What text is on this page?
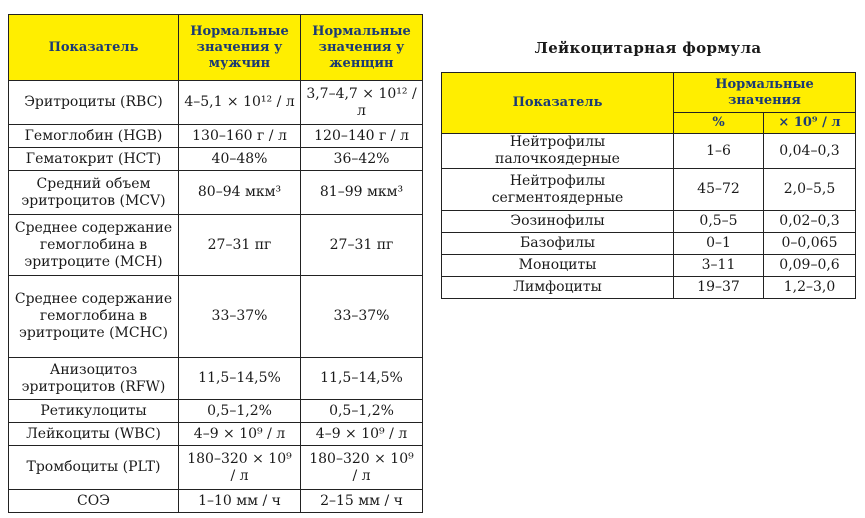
Показатель	Нормальные значения у мужчин	Нормальные значения у женщин
Эритроциты (RBC)	4–5,1 × 10¹² / л	3,7–4,7 × 10¹² / л
Гемоглобин (HGB)	130–160 г / л	120–140 г / л
Гематокрит (HCT)	40–48%	36–42%
Средний объем эритроцитов (MCV)	80–94 мкм³	81–99 мкм³
Среднее содержание гемоглобина в эритроците (MCH)	27–31 пг	27–31 пг
Среднее содержание гемоглобина в эритроците (MCHC)	33–37%	33–37%
Анизоцитоз эритроцитов (RFW)	11,5–14,5%	11,5–14,5%
Ретикулоциты	0,5–1,2%	0,5–1,2%
Лейкоциты (WBC)	4–9 × 10⁹ / л	4–9 × 10⁹ / л
Тромбоциты (PLT)	180–320 × 10⁹ / л	180–320 × 10⁹ / л
СОЭ	1–10 мм / ч	2–15 мм / ч
Лейкоцитарная формула
Показатель	Нормальные значения	
	%	× 10⁹ / л
Нейтрофилы палочкоядерные	1–6	0,04–0,3
Нейтрофилы сегментоядерные	45–72	2,0–5,5
Эозинофилы	0,5–5	0,02–0,3
Базофилы	0–1	0–0,065
Моноциты	3–11	0,09–0,6
Лимфоциты	19–37	1,2–3,0
